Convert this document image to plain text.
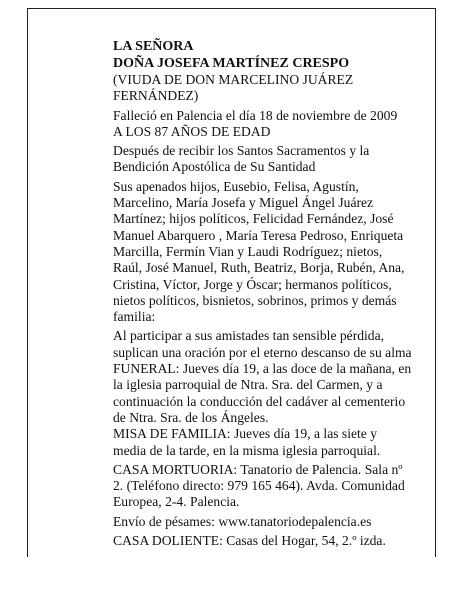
LA SEÑORA

DOÑA JOSEFA MARTÍNEZ CRESPO

(VIUDA DE DON MARCELINO JUÁREZ FERNÁNDEZ)

Falleció en Palencia el día 18 de noviembre de 2009

A LOS 87 AÑOS DE EDAD

Después de recibir los Santos Sacramentos y la Bendición Apostólica de Su Santidad

Sus apenados hijos, Eusebio, Felisa, Agustín, Marcelino, María Josefa y Miguel Ángel Juárez Martínez; hijos políticos, Felicidad Fernández, José Manuel Abarquero , María Teresa Pedroso, Enriqueta Marcilla, Fermín Vian y Laudi Rodríguez; nietos, Raúl, José Manuel, Ruth, Beatriz, Borja, Rubén, Ana, Cristina, Víctor, Jorge y Óscar; hermanos políticos, nietos políticos, bisnietos, sobrinos, primos y demás familia:

Al participar a sus amistades tan sensible pérdida, suplican una oración por el eterno descanso de su alma

FUNERAL: Jueves día 19, a las doce de la mañana, en la iglesia parroquial de Ntra. Sra. del Carmen, y a continuación la conducción del cadáver al cementerio de Ntra. Sra. de los Ángeles.

MISA DE FAMILIA: Jueves día 19, a las siete y media de la tarde, en la misma iglesia parroquial.

CASA MORTUORIA: Tanatorio de Palencia. Sala nº 2. (Teléfono directo: 979 165 464). Avda. Comunidad Europea, 2-4. Palencia.

Envío de pésames: www.tanatoriodepalencia.es

CASA DOLIENTE: Casas del Hogar, 54, 2.º izda.
